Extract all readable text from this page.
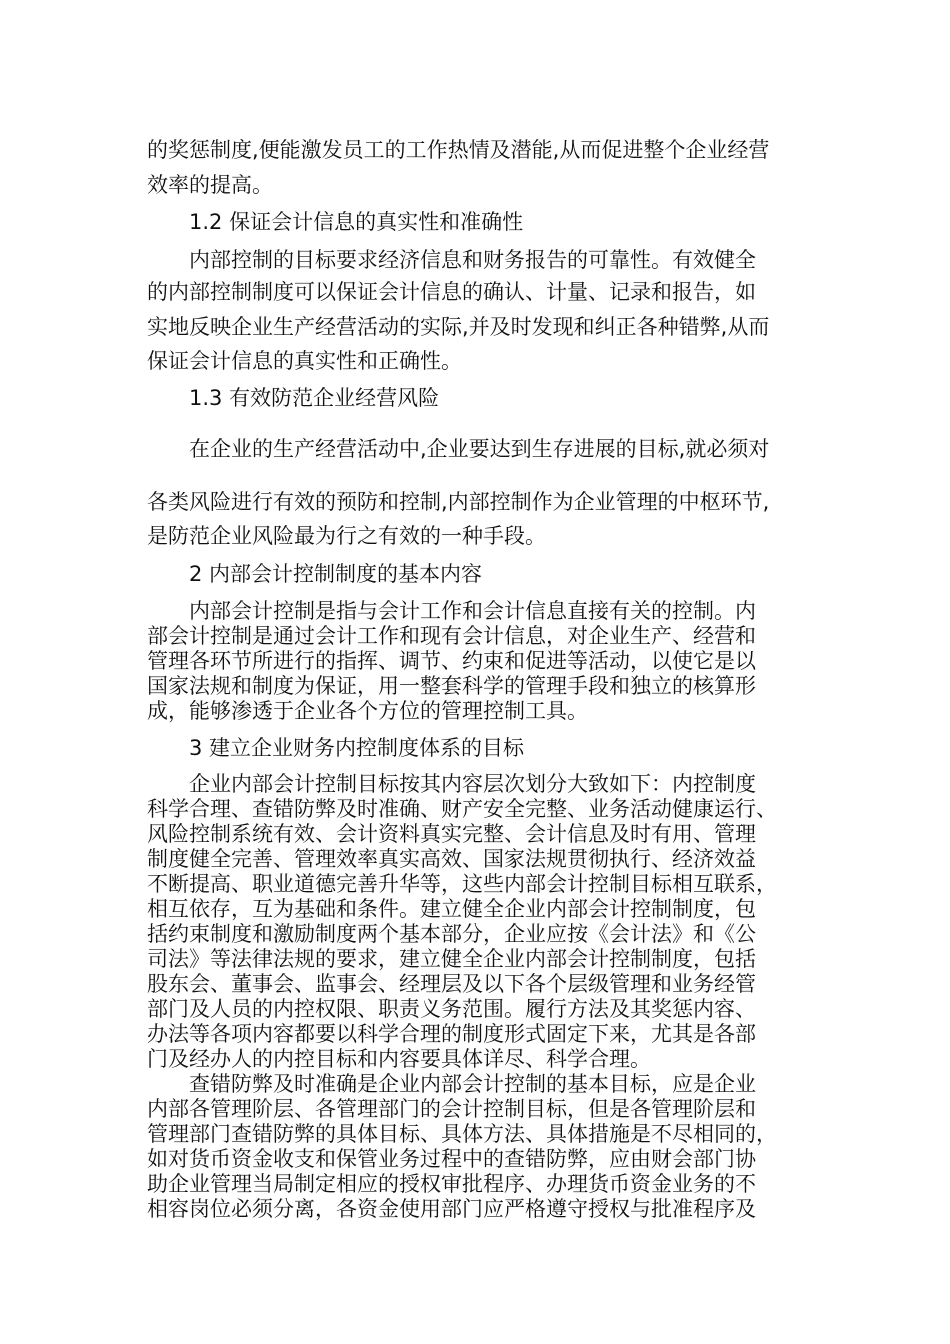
的奖惩制度,便能激发员工的工作热情及潜能,从而促进整个企业经营
效率的提高。
1.2 保证会计信息的真实性和准确性
内部控制的目标要求经济信息和财务报告的可靠性。有效健全
的内部控制制度可以保证会计信息的确认、计量、记录和报告，如
实地反映企业生产经营活动的实际,并及时发现和纠正各种错弊,从而
保证会计信息的真实性和正确性。
1.3 有效防范企业经营风险
在企业的生产经营活动中,企业要达到生存进展的目标,就必须对
各类风险进行有效的预防和控制,内部控制作为企业管理的中枢环节,
是防范企业风险最为行之有效的一种手段。
2 内部会计控制制度的基本内容
内部会计控制是指与会计工作和会计信息直接有关的控制。内
部会计控制是通过会计工作和现有会计信息，对企业生产、经营和
管理各环节所进行的指挥、调节、约束和促进等活动，以使它是以
国家法规和制度为保证，用一整套科学的管理手段和独立的核算形
成，能够渗透于企业各个方位的管理控制工具。
3 建立企业财务内控制度体系的目标
企业内部会计控制目标按其内容层次划分大致如下：内控制度
科学合理、查错防弊及时准确、财产安全完整、业务活动健康运行、
风险控制系统有效、会计资料真实完整、会计信息及时有用、管理
制度健全完善、管理效率真实高效、国家法规贯彻执行、经济效益
不断提高、职业道德完善升华等，这些内部会计控制目标相互联系，
相互依存，互为基础和条件。建立健全企业内部会计控制制度，包
括约束制度和激励制度两个基本部分，企业应按《会计法》和《公
司法》等法律法规的要求，建立健全企业内部会计控制制度，包括
股东会、董事会、监事会、经理层及以下各个层级管理和业务经管
部门及人员的内控权限、职责义务范围。履行方法及其奖惩内容、
办法等各项内容都要以科学合理的制度形式固定下来，尤其是各部
门及经办人的内控目标和内容要具体详尽、科学合理。
查错防弊及时准确是企业内部会计控制的基本目标，应是企业
内部各管理阶层、各管理部门的会计控制目标，但是各管理阶层和
管理部门查错防弊的具体目标、具体方法、具体措施是不尽相同的，
如对货币资金收支和保管业务过程中的查错防弊，应由财会部门协
助企业管理当局制定相应的授权审批程序、办理货币资金业务的不
相容岗位必须分离，各资金使用部门应严格遵守授权与批准程序及
